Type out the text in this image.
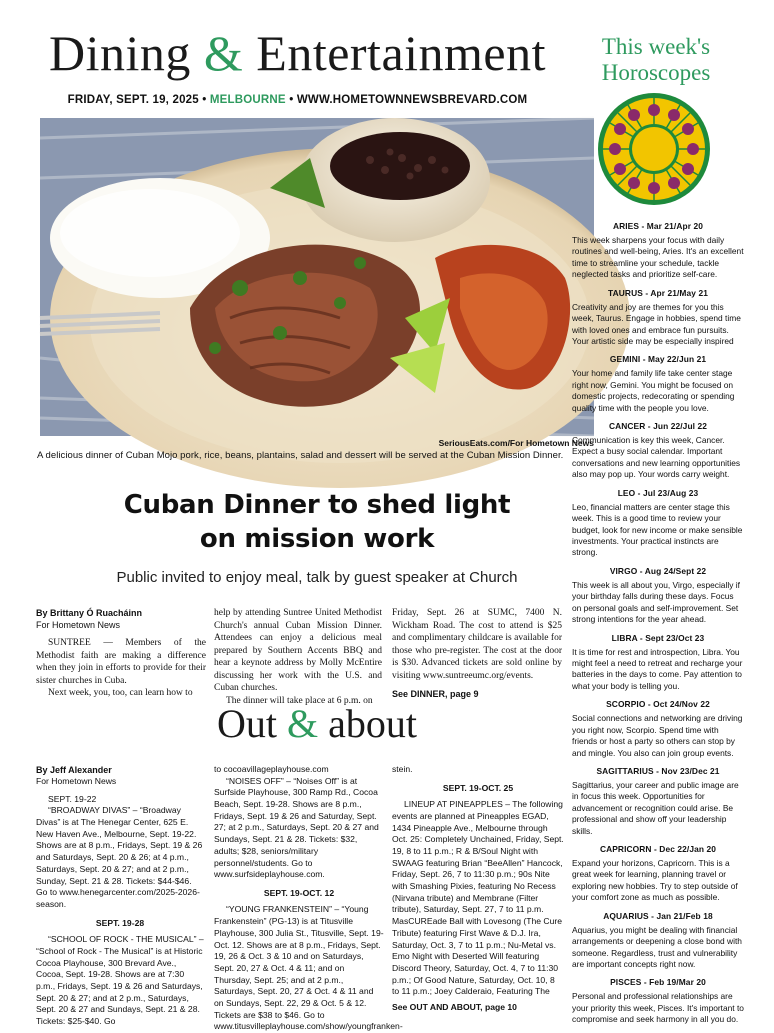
Dining & Entertainment
FRIDAY, SEPT. 19, 2025 • MELBOURNE • WWW.HOMETOWNNEWSBREVARD.COM
SeriousEats.com/For Hometown News
A delicious dinner of Cuban Mojo pork, rice, beans, plantains, salad and dessert will be served at the Cuban Mission Dinner.
Cuban Dinner to shed light
on mission work
Public invited to enjoy meal, talk by guest speaker at Church
By Brittany Ó Ruacháinn
For Hometown News

SUNTREE — Members of the Methodist faith are making a difference when they join in efforts to provide for their sister churches in Cuba.

Next week, you, too, can learn how to

help by attending Suntree United Methodist Church's annual Cuban Mission Dinner. Attendees can enjoy a delicious meal prepared by Southern Accents BBQ and hear a keynote address by Molly McEntire discussing her work with the U.S. and Cuban churches.

The dinner will take place at 6 p.m. on

Friday, Sept. 26 at SUMC, 7400 N. Wickham Road. The cost to attend is $25 and complimentary childcare is available for those who pre-register. The cost at the door is $30. Advanced tickets are sold online by visiting www.suntreeumc.org/events.

See DINNER, page 9
Out & about
By Jeff Alexander
For Hometown News

SEPT. 19-22

“BROADWAY DIVAS” – “Broadway Divas” is at The Henegar Center, 625 E. New Haven Ave., Melbourne, Sept. 19-22. Shows are at 8 p.m., Fridays, Sept. 19 & 26 and Saturdays, Sept. 20 & 26; at 4 p.m., Saturdays, Sept. 20 & 27; and at 2 p.m., Sunday, Sept. 21 & 28. Tickets: $44-$46. Go to www.henegarcenter.com/2025-2026-season.

SEPT. 19-28

“SCHOOL OF ROCK - THE MUSICAL” – “School of Rock - The Musical” is at Historic Cocoa Playhouse, 300 Brevard Ave., Cocoa, Sept. 19-28. Shows are at 7:30 p.m., Fridays, Sept. 19 & 26 and Saturdays, Sept. 20 & 27; and at 2 p.m., Saturdays, Sept. 20 & 27 and Sundays, Sept. 21 & 28. Tickets: $25-$40. Go

to cocoavillageplayhouse.com

“NOISES OFF” – “Noises Off” is at Surfside Playhouse, 300 Ramp Rd., Cocoa Beach, Sept. 19-28. Shows are 8 p.m., Fridays, Sept. 19 & 26 and Saturday, Sept. 27; at 2 p.m., Saturdays, Sept. 20 & 27 and Sundays, Sept. 21 & 28. Tickets: $32, adults; $28, seniors/military personnel/students. Go to www.surfsideplayhouse.com.

SEPT. 19-OCT. 12

“YOUNG FRANKENSTEIN” – “Young Frankenstein” (PG-13) is at Titusville Playhouse, 300 Julia St., Titusville, Sept. 19-Oct. 12. Shows are at 8 p.m., Fridays, Sept. 19, 26 & Oct. 3 & 10 and on Saturdays, Sept. 20, 27 & Oct. 4 & 11; and on Thursday, Sept. 25; and at 2 p.m., Saturdays, Sept. 20, 27 & Oct. 4 & 11 and on Sundays, Sept. 22, 29 & Oct. 5 & 12. Tickets are $38 to $46. Go to www.titusvilleplayhouse.com/show/youngfranken-

stein.

SEPT. 19-OCT. 25

LINEUP AT PINEAPPLES – The following events are planned at Pineapples EGAD, 1434 Pineapple Ave., Melbourne through Oct. 25: Completely Unchained, Friday, Sept. 19, 8 to 11 p.m.; R & B/Soul Night with SWAAG featuring Brian “BeeAllen” Hancock, Friday, Sept. 26, 7 to 11:30 p.m.; 90s Nite with Smashing Pixies, featuring No Recess (Nirvana tribute) and Membrane (Filter tribute), Saturday, Sept. 27, 7 to 11 p.m. MasCUREade Ball with Lovesong (The Cure Tribute) featuring First Wave & D.J. Ira, Saturday, Oct. 3, 7 to 11 p.m.; Nu-Metal vs. Emo Night with Deserted Will featuring Discord Theory, Saturday, Oct. 4, 7 to 11:30 p.m.; Of Good Nature, Saturday, Oct. 10, 8 to 11 p.m.; Joey Calderaio, Featuring The

See OUT AND ABOUT, page 10
This week's
Horoscopes
ARIES - Mar 21/Apr 20

This week sharpens your focus with daily routines and well-being, Aries. It's an excellent time to streamline your schedule, tackle neglected tasks and prioritize self-care.

TAURUS - Apr 21/May 21

Creativity and joy are themes for you this week, Taurus. Engage in hobbies, spend time with loved ones and embrace fun pursuits. Your artistic side may be especially inspired

GEMINI - May 22/Jun 21

Your home and family life take center stage right now, Gemini. You might be focused on domestic projects, redecorating or spending quality time with the people you love.

CANCER - Jun 22/Jul 22

Communication is key this week, Cancer. Expect a busy social calendar. Important conversations and new learning opportunities also may pop up. Your words carry weight.

LEO - Jul 23/Aug 23

Leo, financial matters are center stage this week. This is a good time to review your budget, look for new income or make sensible investments. Your practical instincts are strong.

VIRGO - Aug 24/Sept 22

This week is all about you, Virgo, especially if your birthday falls during these days. Focus on personal goals and self-improvement. Set strong intentions for the year ahead.

LIBRA - Sept 23/Oct 23

It is time for rest and introspection, Libra. You might feel a need to retreat and recharge your batteries in the days to come. Pay attention to what your body is telling you.

SCORPIO - Oct 24/Nov 22

Social connections and networking are driving you right now, Scorpio. Spend time with friends or host a party so others can stop by and mingle. You also can join group events.

SAGITTARIUS - Nov 23/Dec 21

Sagittarius, your career and public image are in focus this week. Opportunities for advancement or recognition could arise. Be professional and show off your leadership skills.

CAPRICORN - Dec 22/Jan 20

Expand your horizons, Capricorn. This is a great week for learning, planning travel or exploring new hobbies. Try to step outside of your comfort zone as much as possible.

AQUARIUS - Jan 21/Feb 18

Aquarius, you might be dealing with financial arrangements or deepening a close bond with someone. Regardless, trust and vulnerability are important concepts right now.

PISCES - Feb 19/Mar 20

Personal and professional relationships are your priority this week, Pisces. It's important to compromise and seek harmony in all you do.
